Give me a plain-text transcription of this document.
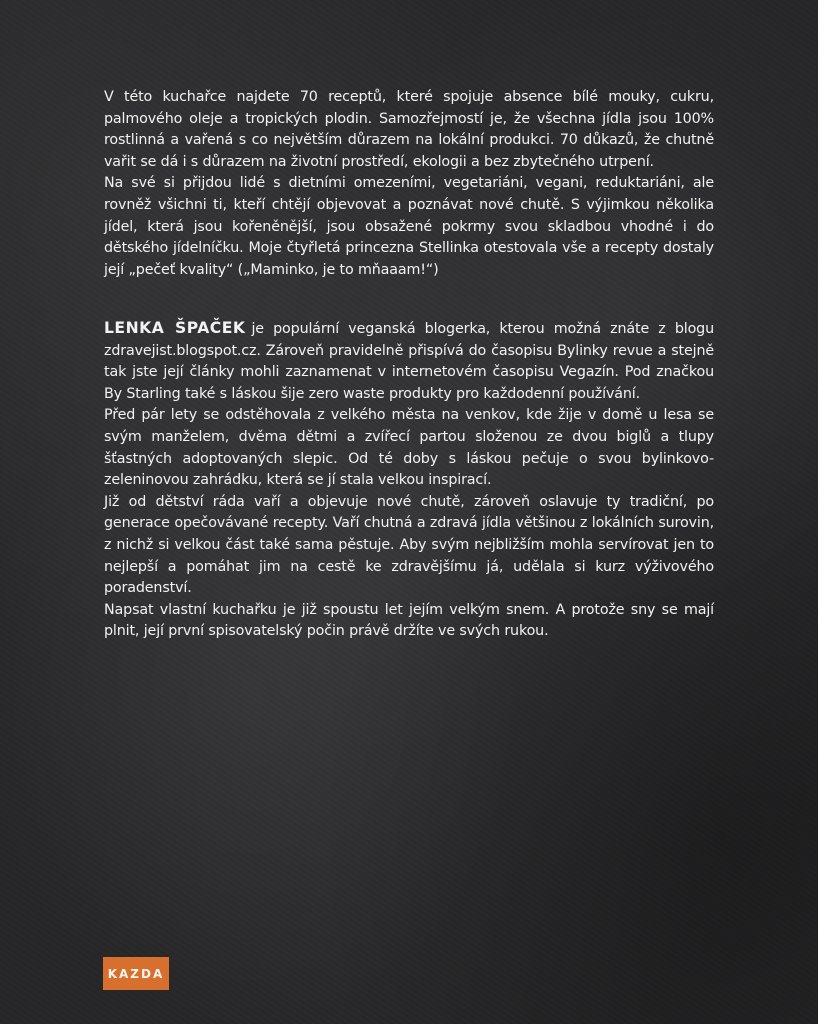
V této kuchařce najdete 70 receptů, které spojuje absence bílé mouky, cukru, palmového oleje a tropických plodin. Samozřejmostí je, že všechna jídla jsou 100% rostlinná a vařená s co největším důrazem na lokální produkci. 70 důkazů, že chutně vařit se dá i s důrazem na životní prostředí, ekologii a bez zbytečného utrpení.

Na své si přijdou lidé s dietními omezeními, vegetariáni, vegani, reduktariáni, ale rovněž všichni ti, kteří chtějí objevovat a poznávat nové chutě. S výjimkou několika jídel, která jsou kořeněnější, jsou obsažené pokrmy svou skladbou vhodné i do dětského jídelníčku. Moje čtyřletá princezna Stellinka otestovala vše a recepty dostaly její „pečeť kvality“ („Maminko, je to mňaaam!“)

LENKA ŠPAČEK je populární veganská blogerka, kterou možná znáte z blogu zdravejist.blogspot.cz. Zároveň pravidelně přispívá do časopisu Bylinky revue a stejně tak jste její články mohli zaznamenat v internetovém časopisu Vegazín. Pod značkou By Starling také s láskou šije zero waste produkty pro každodenní používání.

Před pár lety se odstěhovala z velkého města na venkov, kde žije v domě u lesa se svým manželem, dvěma dětmi a zvířecí partou složenou ze dvou biglů a tlupy šťastných adoptovaných slepic. Od té doby s láskou pečuje o svou bylinkovo-zeleninovou zahrádku, která se jí stala velkou inspirací.

Již od dětství ráda vaří a objevuje nové chutě, zároveň oslavuje ty tradiční, po generace opečovávané recepty. Vaří chutná a zdravá jídla většinou z lokálních surovin, z nichž si velkou část také sama pěstuje. Aby svým nejbližším mohla servírovat jen to nejlepší a pomáhat jim na cestě ke zdravějšímu já, udělala si kurz výživového poradenství.

Napsat vlastní kuchařku je již spoustu let jejím velkým snem. A protože sny se mají plnit, její první spisovatelský počin právě držíte ve svých rukou.

KAZDA
